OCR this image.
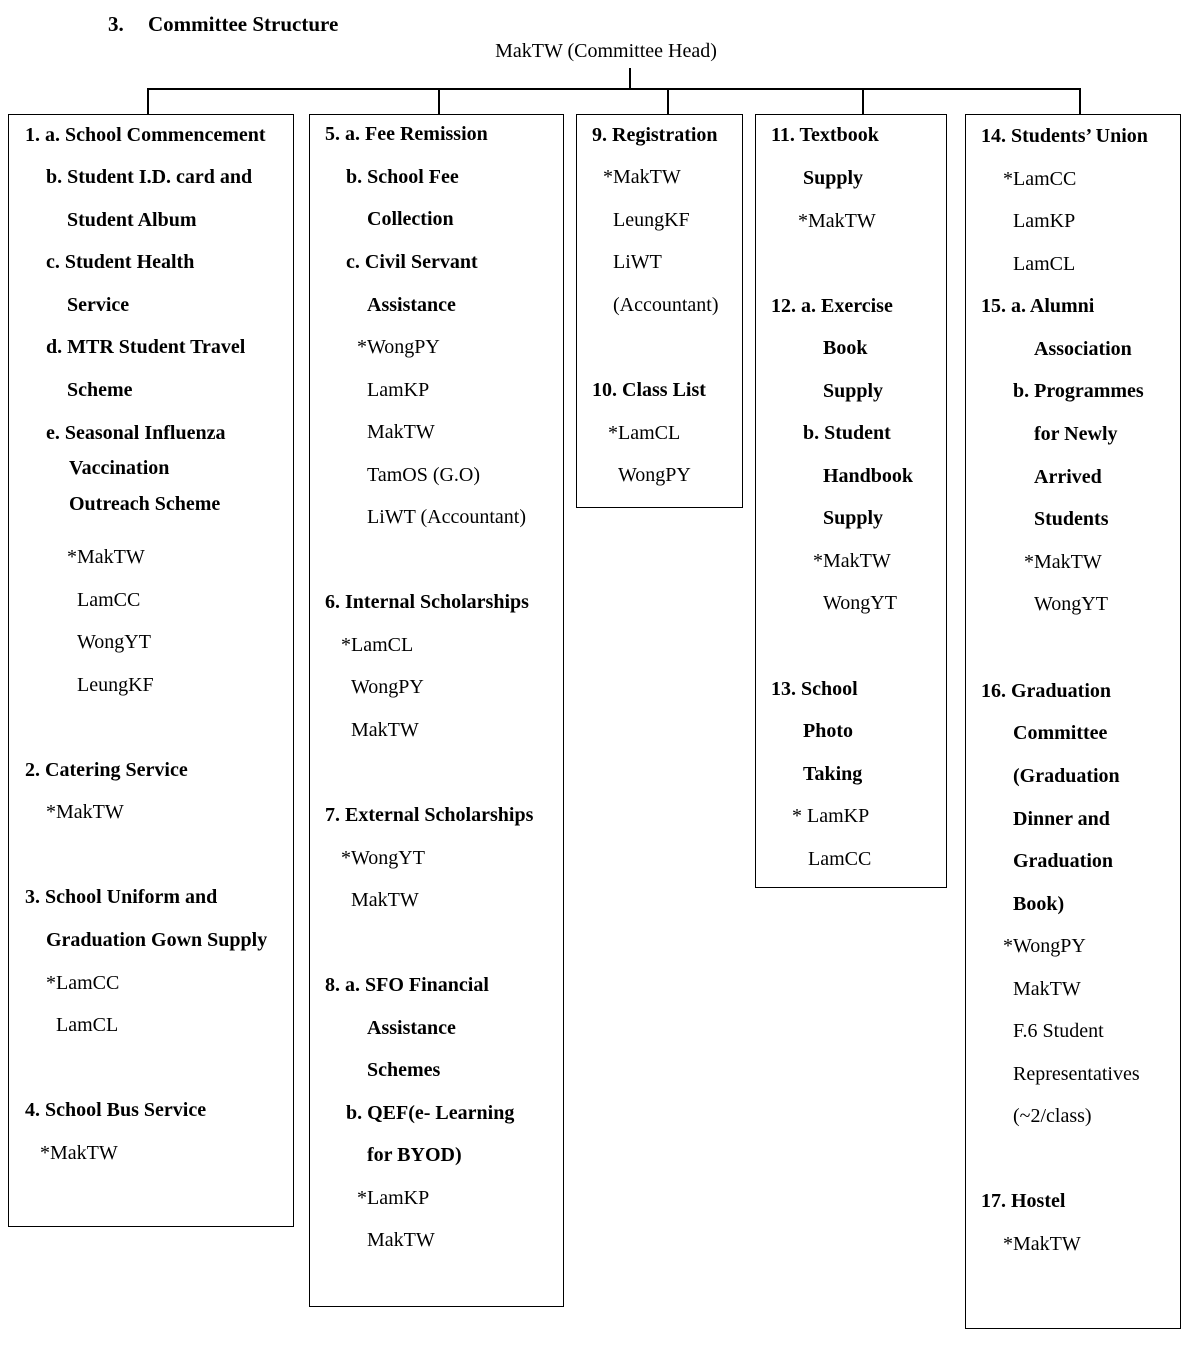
3. Committee Structure
MakTW (Committee Head)
1. a. School Commencement
b. Student I.D. card and
Student Album
c. Student Health
Service
d. MTR Student Travel
Scheme
e. Seasonal Influenza
Vaccination
Outreach Scheme
*MakTW
LamCC
WongYT
LeungKF
2. Catering Service
*MakTW
3. School Uniform and
Graduation Gown Supply
*LamCC
LamCL
4. School Bus Service
*MakTW
5. a. Fee Remission
b. School Fee
Collection
c. Civil Servant
Assistance
*WongPY
LamKP
MakTW
TamOS (G.O)
LiWT (Accountant)
6. Internal Scholarships
*LamCL
WongPY
MakTW
7. External Scholarships
*WongYT
MakTW
8. a. SFO Financial
Assistance
Schemes
b. QEF(e- Learning
for BYOD)
*LamKP
MakTW
9. Registration
*MakTW
LeungKF
LiWT
(Accountant)
10. Class List
*LamCL
WongPY
11. Textbook
Supply
*MakTW
12. a. Exercise
Book
Supply
b. Student
Handbook
Supply
*MakTW
WongYT
13. School
Photo
Taking
* LamKP
LamCC
14. Students’ Union
*LamCC
LamKP
LamCL
15. a. Alumni
Association
b. Programmes
for Newly
Arrived
Students
*MakTW
WongYT
16. Graduation
Committee
(Graduation
Dinner and
Graduation
Book)
*WongPY
MakTW
F.6 Student
Representatives
(~2/class)
17. Hostel
*MakTW
